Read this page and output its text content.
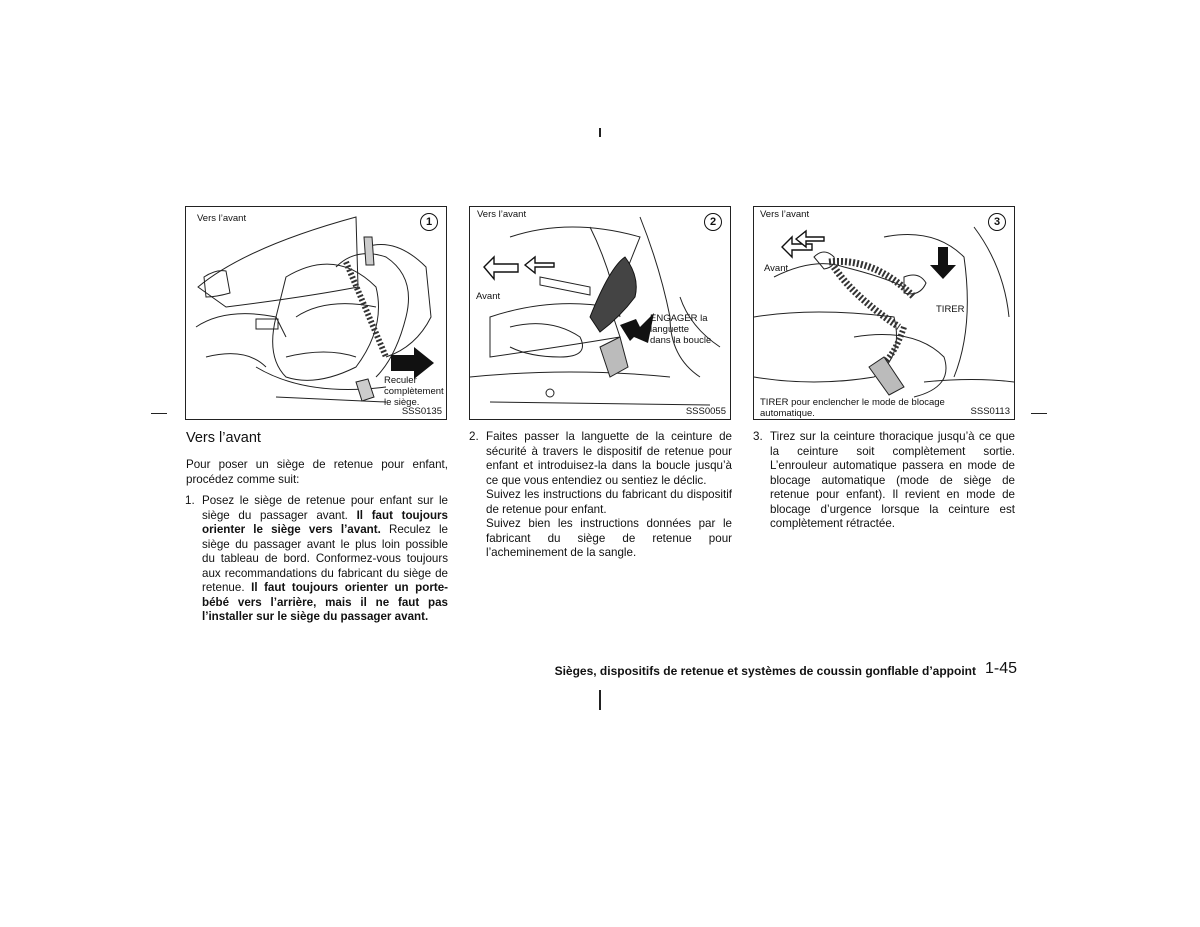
Vers l’avant	1
Reculer
complètement
le siège.
SSS0135
Vers l’avant
Avant
2
ENGAGER la
languette
dans la boucle
SSS0055
Vers l’avant
Avant
3
TIRER
TIRER pour enclencher le mode de blocage
automatique.	SSS0113
Vers l’avant

Pour poser un siège de retenue pour enfant, procédez comme suit:

1. Posez le siège de retenue pour enfant sur le siège du passager avant. Il faut toujours orienter le siège vers l’avant. Reculez le siège du passager avant le plus loin possible du tableau de bord. Conformez-vous toujours aux recommandations du fabricant du siège de retenue. Il faut toujours orienter un porte-bébé vers l’arrière, mais il ne faut pas l’installer sur le siège du passager avant.
2. Faites passer la languette de la ceinture de sécurité à travers le dispositif de retenue pour enfant et introduisez-la dans la boucle jusqu’à ce que vous entendiez ou sentiez le déclic.
Suivez les instructions du fabricant du dispositif de retenue pour enfant.
Suivez bien les instructions données par le fabricant du siège de retenue pour l’acheminement de la sangle.
3. Tirez sur la ceinture thoracique jusqu’à ce que la ceinture soit complètement sortie. L’enrouleur automatique passera en mode de blocage automatique (mode de siège de retenue pour enfant). Il revient en mode de blocage d’urgence lorsque la ceinture est complètement rétractée.
Sièges, dispositifs de retenue et systèmes de coussin gonflable d’appoint 1-45
